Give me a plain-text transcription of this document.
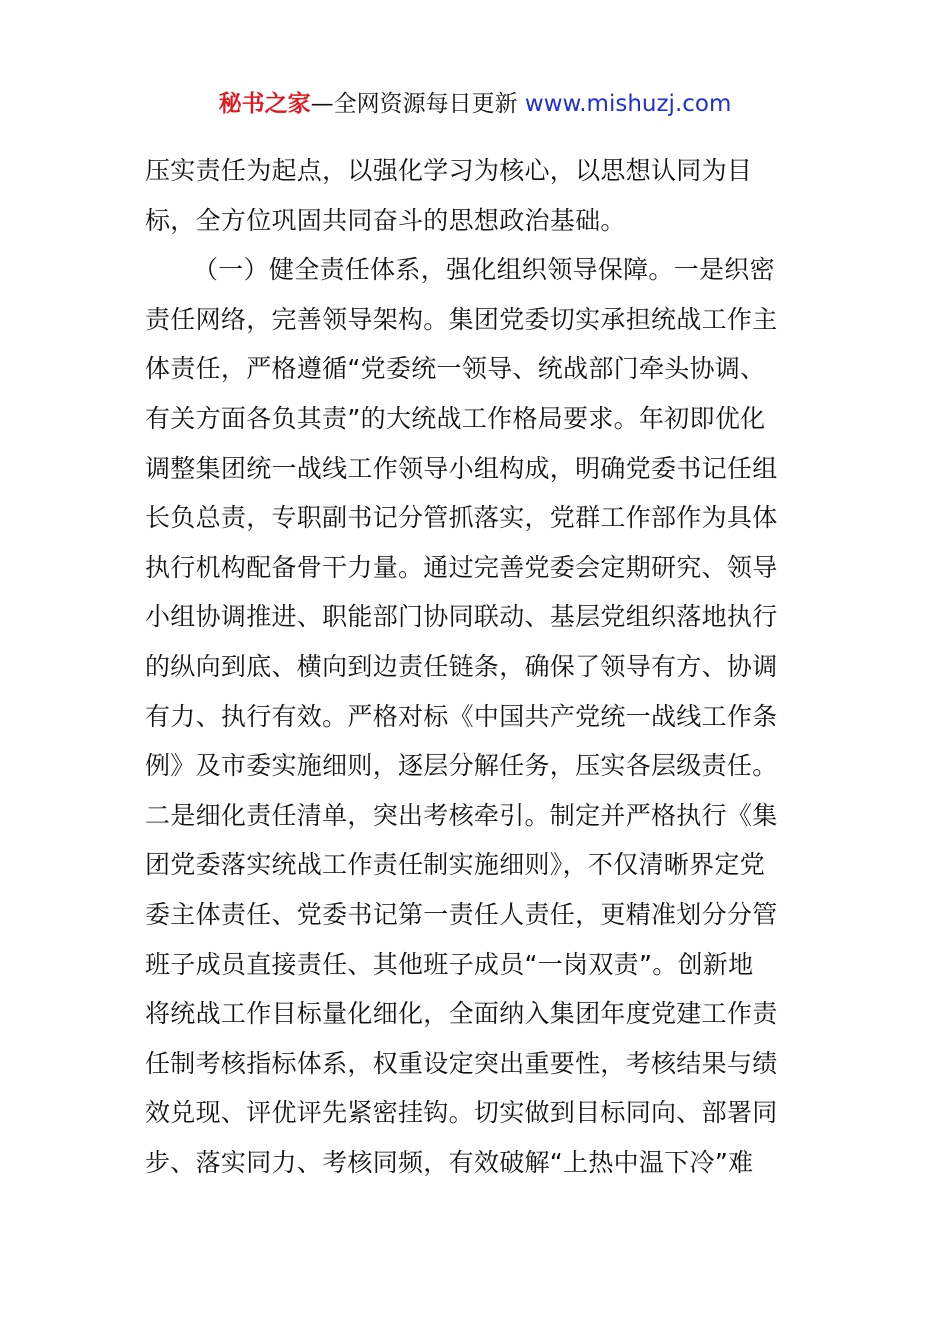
秘书之家—全网资源每日更新 www.mishuzj.com
压实责任为起点，以强化学习为核心，以思想认同为目
标，全方位巩固共同奋斗的思想政治基础。
（一）健全责任体系，强化组织领导保障。一是织密
责任网络，完善领导架构。集团党委切实承担统战工作主
体责任，严格遵循“党委统一领导、统战部门牵头协调、
有关方面各负其责”的大统战工作格局要求。年初即优化
调整集团统一战线工作领导小组构成，明确党委书记任组
长负总责，专职副书记分管抓落实，党群工作部作为具体
执行机构配备骨干力量。通过完善党委会定期研究、领导
小组协调推进、职能部门协同联动、基层党组织落地执行
的纵向到底、横向到边责任链条，确保了领导有方、协调
有力、执行有效。严格对标《中国共产党统一战线工作条
例》及市委实施细则，逐层分解任务，压实各层级责任。
二是细化责任清单，突出考核牵引。制定并严格执行《集
团党委落实统战工作责任制实施细则》，不仅清晰界定党
委主体责任、党委书记第一责任人责任，更精准划分分管
班子成员直接责任、其他班子成员“一岗双责”。创新地
将统战工作目标量化细化，全面纳入集团年度党建工作责
任制考核指标体系，权重设定突出重要性，考核结果与绩
效兑现、评优评先紧密挂钩。切实做到目标同向、部署同
步、落实同力、考核同频，有效破解“上热中温下冷”难
